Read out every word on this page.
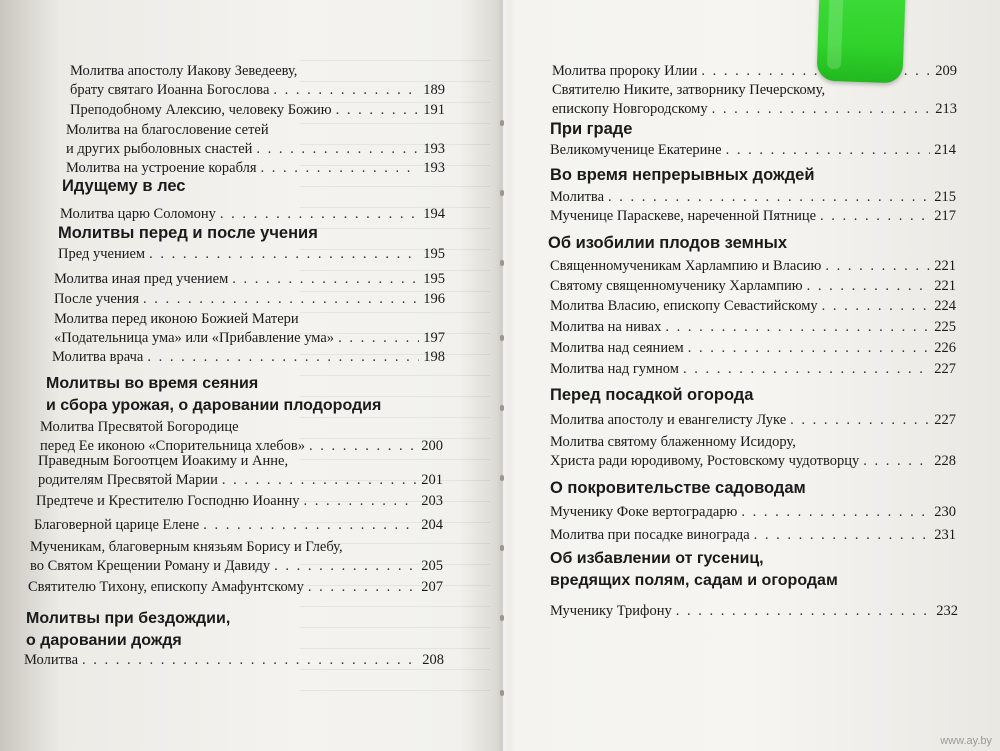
Молитва апостолу Иакову Зеведееву,
брату святаго Иоанна Богослова . . .	189
Преподобному Алексию, человеку Божию . . .	191
Молитва на благословение сетей
и других рыболовных снастей . . .	193
Молитва на устроение корабля . . .	193
Идущему в лес
Молитва царю Соломону . . .	194
Молитвы перед и после учения
Пред учением . . .	195
Молитва иная пред учением . . .	195
После учения . . .	196
Молитва перед иконою Божией Матери
«Подательница ума» или «Прибавление ума» . . .	197
Молитва врача . . .	198
Молитвы во время сеяния
и сбора урожая, о даровании плодородия
Молитва Пресвятой Богородице
перед Ее иконою «Спорительница хлебов» . . .	200
Праведным Богоотцем Иоакиму и Анне,
родителям Пресвятой Марии . . .	201
Предтече и Крестителю Господню Иоанну . . .	203
Благоверной царице Елене . . .	204
Мученикам, благоверным князьям Борису и Глебу,
во Святом Крещении Роману и Давиду . . .	205
Святителю Тихону, епископу Амафунтскому . . .	207
Молитвы при бездождии,
о даровании дождя
Молитва . . .	208
Молитва пророку Илии . . .	209
Святителю Никите, затворнику Печерскому,
епископу Новгородскому . . .	213
При граде
Великомученице Екатерине . . .	214
Во время непрерывных дождей
Молитва . . .	215
Мученице Параскеве, нареченной Пятнице . . .	217
Об изобилии плодов земных
Священномученикам Харлампию и Власию . . .	221
Святому священномученику Харлампию . . .	221
Молитва Власию, епископу Севастийскому . . .	224
Молитва на нивах . . .	225
Молитва над сеянием . . .	226
Молитва над гумном . . .	227
Перед посадкой огорода
Молитва апостолу и евангелисту Луке . . .	227
Молитва святому блаженному Исидору,
Христа ради юродивому, Ростовскому чудотворцу . . .	228
О покровительстве садоводам
Мученику Фоке вертоградарю . . .	230
Молитва при посадке винограда . . .	231
Об избавлении от гусениц,
вредящих полям, садам и огородам
Мученику Трифону . . .	232
www.ay.by
